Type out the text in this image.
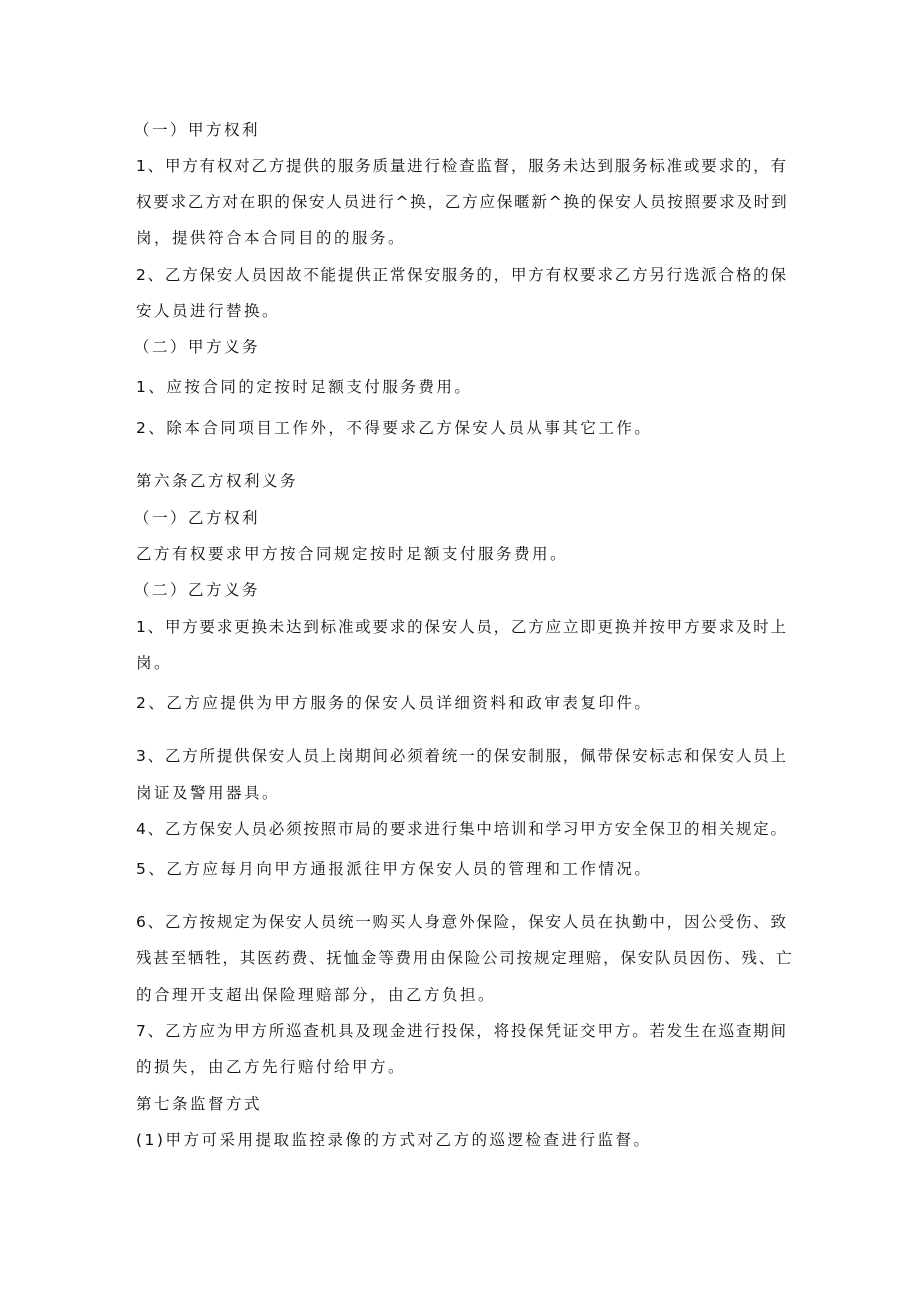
（一）甲方权利
1、甲方有权对乙方提供的服务质量进行检查监督，服务未达到服务标准或要求的，有
权要求乙方对在职的保安人员进行^换，乙方应保暱新^换的保安人员按照要求及时到
岗，提供符合本合同目的的服务。
2、乙方保安人员因故不能提供正常保安服务的，甲方有权要求乙方另行选派合格的保
安人员进行替换。
（二）甲方义务
1、应按合同的定按时足额支付服务费用。
2、除本合同项目工作外，不得要求乙方保安人员从事其它工作。
第六条乙方权利义务
（一）乙方权利
乙方有权要求甲方按合同规定按时足额支付服务费用。
（二）乙方义务
1、甲方要求更换未达到标准或要求的保安人员，乙方应立即更换并按甲方要求及时上
岗。
2、乙方应提供为甲方服务的保安人员详细资料和政审表复印件。
3、乙方所提供保安人员上岗期间必须着统一的保安制服，佩带保安标志和保安人员上
岗证及警用器具。
4、乙方保安人员必须按照市局的要求进行集中培训和学习甲方安全保卫的相关规定。
5、乙方应每月向甲方通报派往甲方保安人员的管理和工作情况。
6、乙方按规定为保安人员统一购买人身意外保险，保安人员在执勤中，因公受伤、致
残甚至牺牲，其医药费、抚恤金等费用由保险公司按规定理赔，保安队员因伤、残、亡
的合理开支超出保险理赔部分，由乙方负担。
7、乙方应为甲方所巡查机具及现金进行投保，将投保凭证交甲方。若发生在巡查期间
的损失，由乙方先行赔付给甲方。
第七条监督方式
(1)甲方可采用提取监控录像的方式对乙方的巡逻检查进行监督。
